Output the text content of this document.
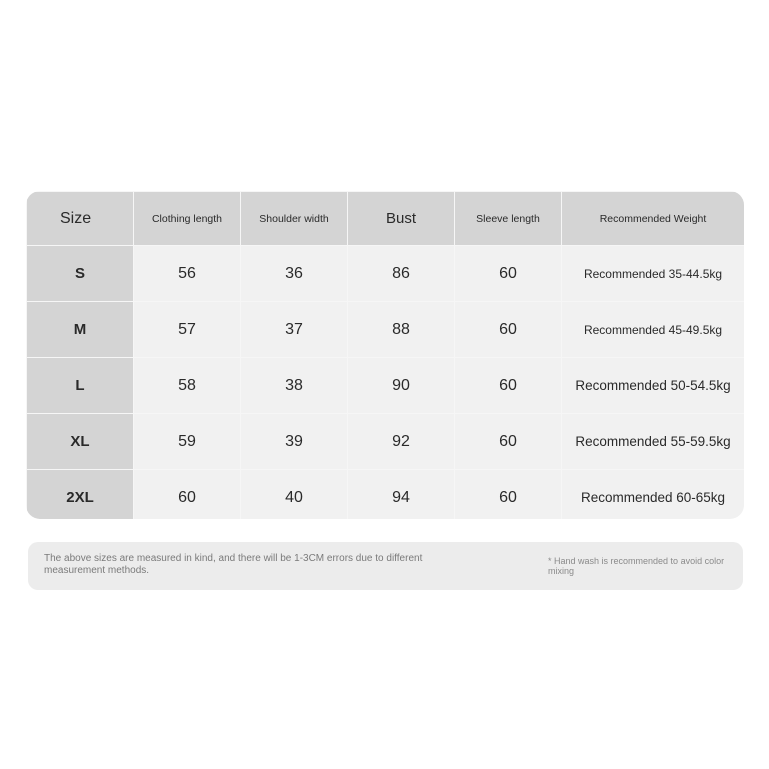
Size	Clothing length	Shoulder width	Bust	Sleeve length	Recommended Weight
S	56	36	86	60	Recommended 35-44.5kg
M	57	37	88	60	Recommended 45-49.5kg
L	58	38	90	60	Recommended 50-54.5kg
XL	59	39	92	60	Recommended 55-59.5kg
2XL	60	40	94	60	Recommended 60-65kg
The above sizes are measured in kind, and there will be 1-3CM errors due to different measurement methods.
* Hand wash is recommended to avoid color mixing
